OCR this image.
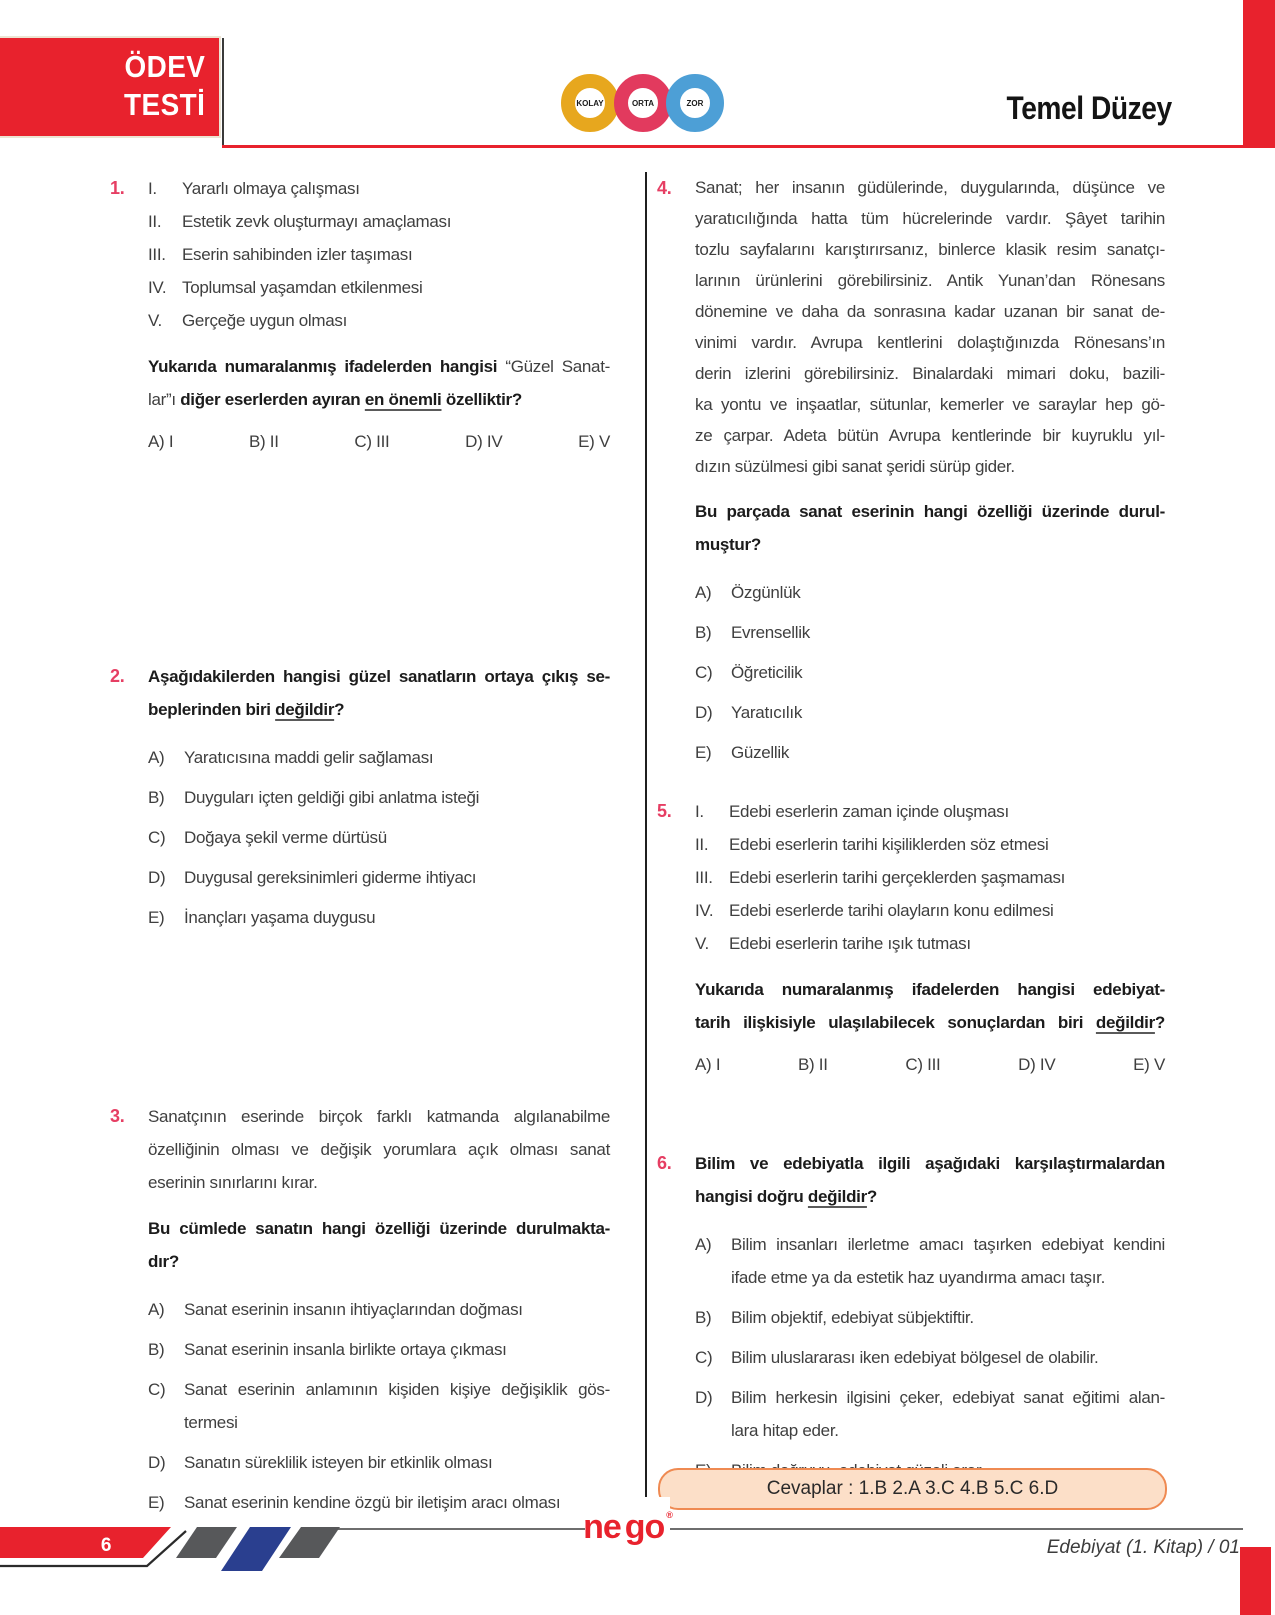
ÖDEV
TESTİ	KOLAY	ORTA	ZOR	Temel Düzey
1. I.	Yararlı olmaya çalışması
II.	Estetik zevk oluşturmayı amaçlaması
III. Eserin sahibinden izler taşıması
IV. Toplumsal yaşamdan etkilenmesi
V.	Gerçeğe uygun olması
Yukarıda numaralanmış ifadelerden hangisi “Güzel Sanat-
lar”ı diğer eserlerden ayıran en önemli özelliktir?
A) I	B) II	C) III	D) IV	E) V
2. Aşağıdakilerden hangisi güzel sanatların ortaya çıkış se-
beplerinden biri değildir?
A)	Yaratıcısına maddi gelir sağlaması
B)	Duyguları içten geldiği gibi anlatma isteği
C)	Doğaya şekil verme dürtüsü
D)	Duygusal gereksinimleri giderme ihtiyacı
E)	İnançları yaşama duygusu
3. Sanatçının eserinde birçok farklı katmanda algılanabilme
özelliğinin olması ve değişik yorumlara açık olması sanat
eserinin sınırlarını kırar.
Bu cümlede sanatın hangi özelliği üzerinde durulmakta-
dır?
A)	Sanat eserinin insanın ihtiyaçlarından doğması
B)	Sanat eserinin insanla birlikte ortaya çıkması
C)	Sanat eserinin anlamının kişiden kişiye değişiklik gös-
termesi
D)	Sanatın süreklilik isteyen bir etkinlik olması
E)	Sanat eserinin kendine özgü bir iletişim aracı olması
4. Sanat; her insanın güdülerinde, duygularında, düşünce ve
yaratıcılığında hatta tüm hücrelerinde vardır. Şâyet tarihin
tozlu sayfalarını karıştırırsanız, binlerce klasik resim sanatçı-
larının ürünlerini görebilirsiniz. Antik Yunan’dan Rönesans
dönemine ve daha da sonrasına kadar uzanan bir sanat de-
vinimi vardır. Avrupa kentlerini dolaştığınızda Rönesans’ın
derin izlerini görebilirsiniz. Binalardaki mimari doku, bazili-
ka yontu ve inşaatlar, sütunlar, kemerler ve saraylar hep gö-
ze çarpar. Adeta bütün Avrupa kentlerinde bir kuyruklu yıl-
dızın süzülmesi gibi sanat şeridi sürüp gider.
Bu parçada sanat eserinin hangi özelliği üzerinde durul-
muştur?
A)	Özgünlük
B)	Evrensellik
C)	Öğreticilik
D)	Yaratıcılık
E)	Güzellik
5. I.	Edebi eserlerin zaman içinde oluşması
II.	Edebi eserlerin tarihi kişiliklerden söz etmesi
III. Edebi eserlerin tarihi gerçeklerden şaşmaması
IV. Edebi eserlerde tarihi olayların konu edilmesi
V.	Edebi eserlerin tarihe ışık tutması
Yukarıda numaralanmış ifadelerden hangisi edebiyat-
tarih ilişkisiyle ulaşılabilecek sonuçlardan biri değildir?
A) I	B) II	C) III	D) IV	E) V
6. Bilim ve edebiyatla ilgili aşağıdaki karşılaştırmalardan
hangisi doğru değildir?
A)	Bilim insanları ilerletme amacı taşırken edebiyat kendini
ifade etme ya da estetik haz uyandırma amacı taşır.
B)	Bilim objektif, edebiyat sübjektiftir.
C)	Bilim uluslararası iken edebiyat bölgesel de olabilir.
D)	Bilim herkesin ilgisini çeker, edebiyat sanat eğitimi alan-
lara hitap eder.
Cevaplar : 1.B 2.A 3.C 4.B 5.C 6.D
6	ne go ®
Edebiyat (1. Kitap) / 01
